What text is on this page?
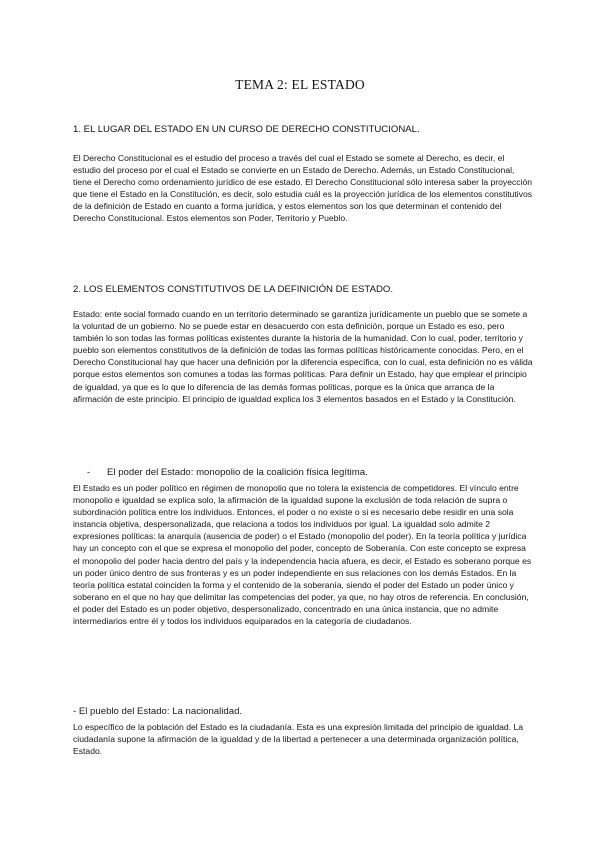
TEMA 2: EL ESTADO
1. EL LUGAR DEL ESTADO EN UN CURSO DE DERECHO CONSTITUCIONAL.

El Derecho Constitucional es el estudio del proceso a través del cual el Estado se somete al Derecho, es decir, el estudio del proceso por el cual el Estado se convierte en un Estado de Derecho. Además, un Estado Constitucional, tiene el Derecho como ordenamiento jurídico de ese estado. El Derecho Constitucional sólo interesa saber la proyección que tiene el Estado en la Constitución, es decir, solo estudia cuál es la proyección jurídica de los elementos constitutivos de la definición de Estado en cuanto a forma jurídica, y estos elementos son los que determinan el contenido del Derecho Constitucional. Estos elementos son Poder, Territorio y Pueblo.

2. LOS ELEMENTOS CONSTITUTIVOS DE LA DEFINICIÓN DE ESTADO.

Estado: ente social formado cuando en un territorio determinado se garantiza jurídicamente un pueblo que se somete a la voluntad de un gobierno. No se puede estar en desacuerdo con esta definición, porque un Estado es eso, pero también lo son todas las formas políticas existentes durante la historia de la humanidad. Con lo cual, poder, territorio y pueblo son elementos constitutivos de la definición de todas las formas políticas históricamente conocidas. Pero, en el Derecho Constitucional hay que hacer una definición por la diferencia específica, con lo cual, esta definición no es válida porque estos elementos son comunes a todas las formas políticas. Para definir un Estado, hay que emplear el principio de igualdad, ya que es lo que lo diferencia de las demás formas políticas, porque es la única que arranca de la afirmación de este principio. El principio de igualdad explica los 3 elementos basados en el Estado y la Constitución.

- El poder del Estado: monopolio de la coalición física legítima.

El Estado es un poder político en régimen de monopolio que no tolera la existencia de competidores. El vínculo entre monopolio e igualdad se explica solo, la afirmación de la igualdad supone la exclusión de toda relación de supra o subordinación política entre los individuos. Entonces, el poder o no existe o si es necesario debe residir en una sola instancia objetiva, despersonalizada, que relaciona a todos los individuos por igual. La igualdad solo admite 2 expresiones políticas: la anarquía (ausencia de poder) o el Estado (monopolio del poder). En la teoría política y jurídica hay un concepto con el que se expresa el monopolio del poder, concepto de Soberanía. Con este concepto se expresa el monopolio del poder hacia dentro del país y la independencia hacia afuera, es decir, el Estado es soberano porque es un poder único dentro de sus fronteras y es un poder independiente en sus relaciones con los demás Estados. En la teoría política estatal coinciden la forma y el contenido de la soberanía, siendo el poder del Estado un poder único y soberano en el que no hay que delimitar las competencias del poder, ya que, no hay otros de referencia. En conclusión, el poder del Estado es un poder objetivo, despersonalizado, concentrado en una única instancia, que no admite intermediarios entre él y todos los individuos equiparados en la categoría de ciudadanos.

- El pueblo del Estado: La nacionalidad.

Lo específico de la población del Estado es la ciudadanía. Esta es una expresión limitada del principio de igualdad. La ciudadanía supone la afirmación de la igualdad y de la libertad a pertenecer a una determinada organización política, Estado.
